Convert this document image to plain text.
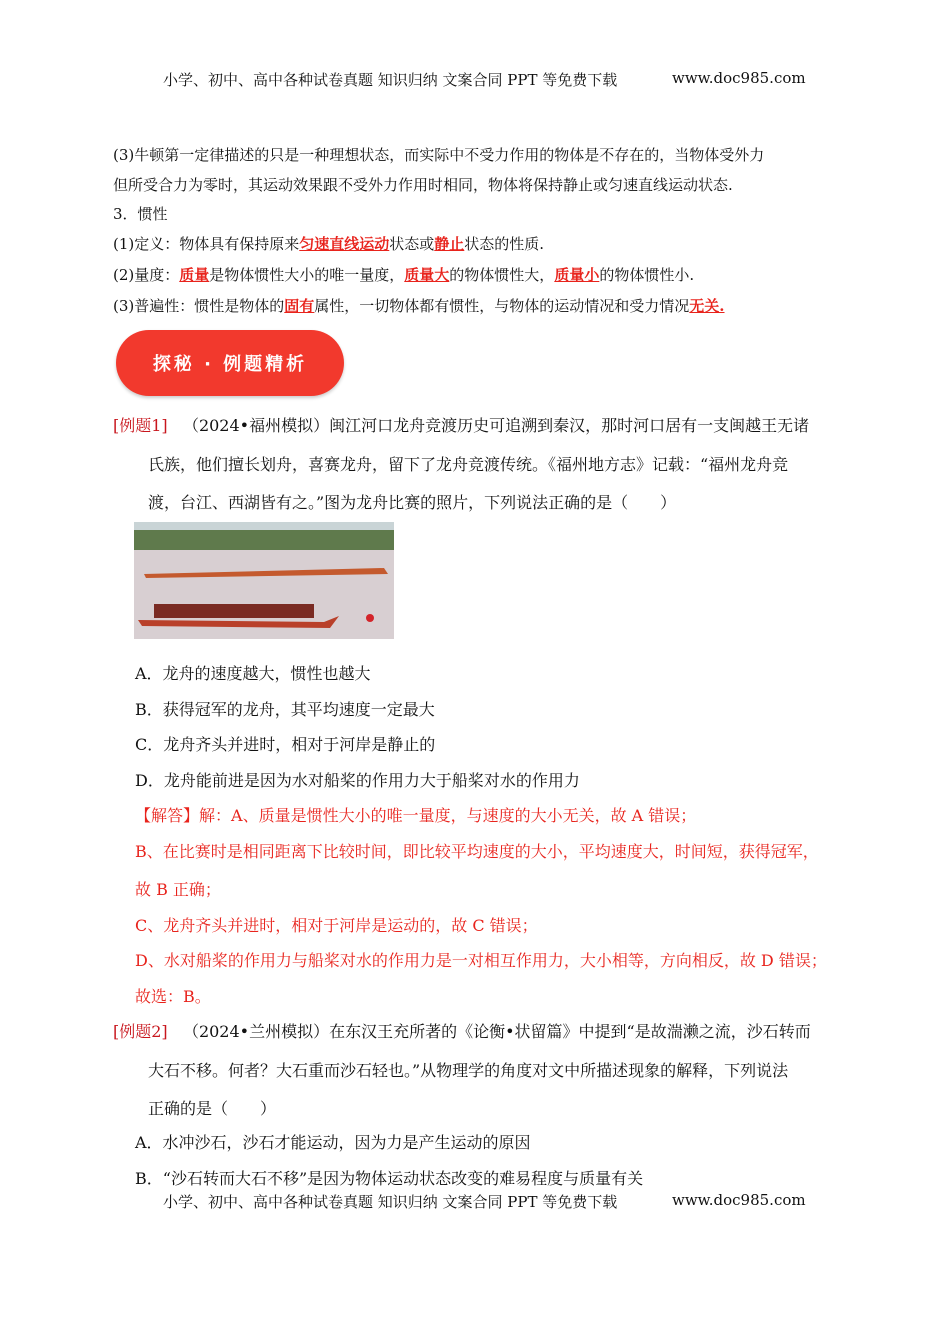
小学、初中、高中各种试卷真题 知识归纳 文案合同 PPT 等免费下载	www.doc985.com
(3)牛顿第一定律描述的只是一种理想状态，而实际中不受力作用的物体是不存在的，当物体受外力
但所受合力为零时，其运动效果跟不受外力作用时相同，物体将保持静止或匀速直线运动状态.
3．惯性
(1)定义：物体具有保持原来匀速直线运动状态或静止状态的性质.
(2)量度：质量是物体惯性大小的唯一量度，质量大的物体惯性大，质量小的物体惯性小.
(3)普遍性：惯性是物体的固有属性，一切物体都有惯性，与物体的运动情况和受力情况无关.
探秘 · 例题精析
[例题1] （2024•福州模拟）闽江河口龙舟竞渡历史可追溯到秦汉，那时河口居有一支闽越王无诸
氏族，他们擅长划舟，喜赛龙舟，留下了龙舟竞渡传统。《福州地方志》记载：“福州龙舟竞
渡，台江、西湖皆有之。”图为龙舟比赛的照片，下列说法正确的是（　　）
A．龙舟的速度越大，惯性也越大
B．获得冠军的龙舟，其平均速度一定最大
C．龙舟齐头并进时，相对于河岸是静止的
D．龙舟能前进是因为水对船桨的作用力大于船桨对水的作用力
【解答】解：A、质量是惯性大小的唯一量度，与速度的大小无关，故 A 错误；
B、在比赛时是相同距离下比较时间，即比较平均速度的大小，平均速度大，时间短，获得冠军，
故 B 正确；
C、龙舟齐头并进时，相对于河岸是运动的，故 C 错误；
D、水对船桨的作用力与船桨对水的作用力是一对相互作用力，大小相等，方向相反，故 D 错误；
故选：B。
[例题2] （2024•兰州模拟）在东汉王充所著的《论衡•状留篇》中提到“是故湍濑之流，沙石转而
大石不移。何者？大石重而沙石轻也。”从物理学的角度对文中所描述现象的解释，下列说法
正确的是（　　）
A．水冲沙石，沙石才能运动，因为力是产生运动的原因
B．“沙石转而大石不移”是因为物体运动状态改变的难易程度与质量有关
小学、初中、高中各种试卷真题 知识归纳 文案合同 PPT 等免费下载	www.doc985.com
